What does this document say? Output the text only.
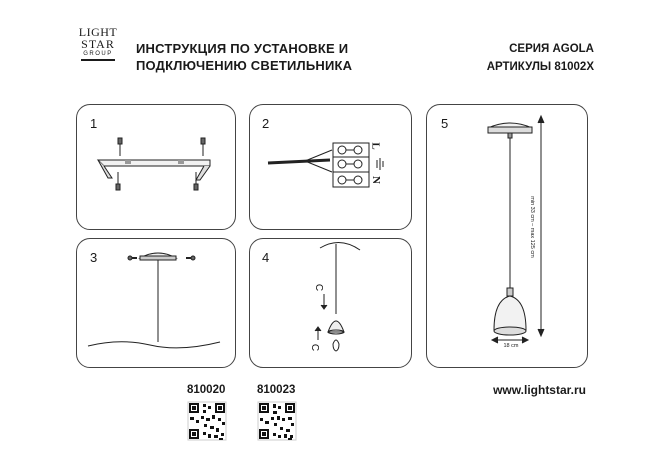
LIGHT
STAR
GROUP	ИНСТРУКЦИЯ ПО УСТАНОВКЕ И
ПОДКЛЮЧЕНИЮ СВЕТИЛЬНИКА
СЕРИЯ AGOLA
АРТИКУЛЫ 81002X
1	2
3	4
5
L
N
C
C
min 33 cm – max 125 cm
18 cm
810020	810023	www.lightstar.ru
